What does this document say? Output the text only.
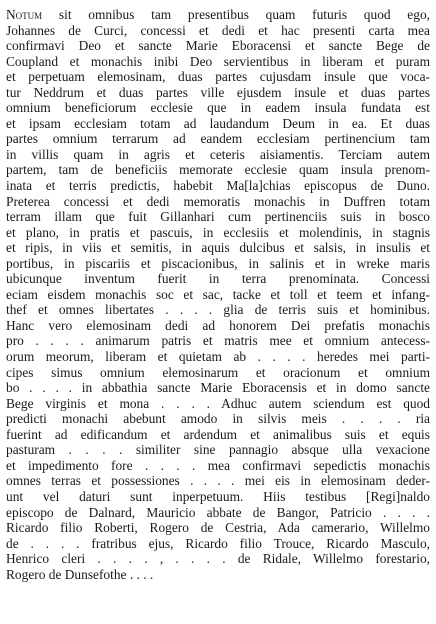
Notum sit omnibus tam presentibus quam futuris quod ego,
Johannes de Curci, concessi et dedi et hac presenti carta mea
confirmavi Deo et sancte Marie Eboracensi et sancte Bege de
Coupland et monachis inibi Deo servientibus in liberam et puram
et perpetuam elemosinam, duas partes cujusdam insule que voca-
tur Neddrum et duas partes ville ejusdem insule et duas partes
omnium beneficiorum ecclesie que in eadem insula fundata est
et ipsam ecclesiam totam ad laudandum Deum in ea. Et duas
partes omnium terrarum ad eandem ecclesiam pertinencium tam
in villis quam in agris et ceteris aisiamentis. Terciam autem
partem, tam de beneficiis memorate ecclesie quam insula prenom-
inata et terris predictis, habebit Ma[la]chias episcopus de Duno.
Preterea concessi et dedi memoratis monachis in Duffren totam
terram illam que fuit Gillanhari cum pertinenciis suis in bosco
et plano, in pratis et pascuis, in ecclesiis et molendinis, in stagnis
et ripis, in viis et semitis, in aquis dulcibus et salsis, in insulis et
portibus, in piscariis et piscacionibus, in salinis et in wreke maris
ubicunque inventum fuerit in terra prenominata. Concessi
eciam eisdem monachis soc et sac, tacke et toll et teem et infang-
thef et omnes libertates . . . . glia de terris suis et hominibus.
Hanc vero elemosinam dedi ad honorem Dei prefatis monachis
pro . . . . animarum patris et matris mee et omnium antecess-
orum meorum, liberam et quietam ab . . . . heredes mei parti-
cipes simus omnium elemosinarum et oracionum et omnium
bo . . . . in abbathia sancte Marie Eboracensis et in domo sancte
Bege virginis et mona . . . . Adhuc autem sciendum est quod
predicti monachi abebunt amodo in silvis meis . . . . ria
fuerint ad edificandum et ardendum et animalibus suis et equis
pasturam . . . . similiter sine pannagio absque ulla vexacione
et impedimento fore . . . . mea confirmavi sepedictis monachis
omnes terras et possessiones . . . . mei eis in elemosinam deder-
unt vel daturi sunt inperpetuum. Hiis testibus [Regi]naldo
episcopo de Dalnard, Mauricio abbate de Bangor, Patricio . . . .
Ricardo filio Roberti, Rogero de Cestria, Ada camerario, Willelmo
de . . . . fratribus ejus, Ricardo filio Trouce, Ricardo Masculo,
Henrico cleri . . . . , . . . . de Ridale, Willelmo forestario,
Rogero de Dunsefothe . . . .
